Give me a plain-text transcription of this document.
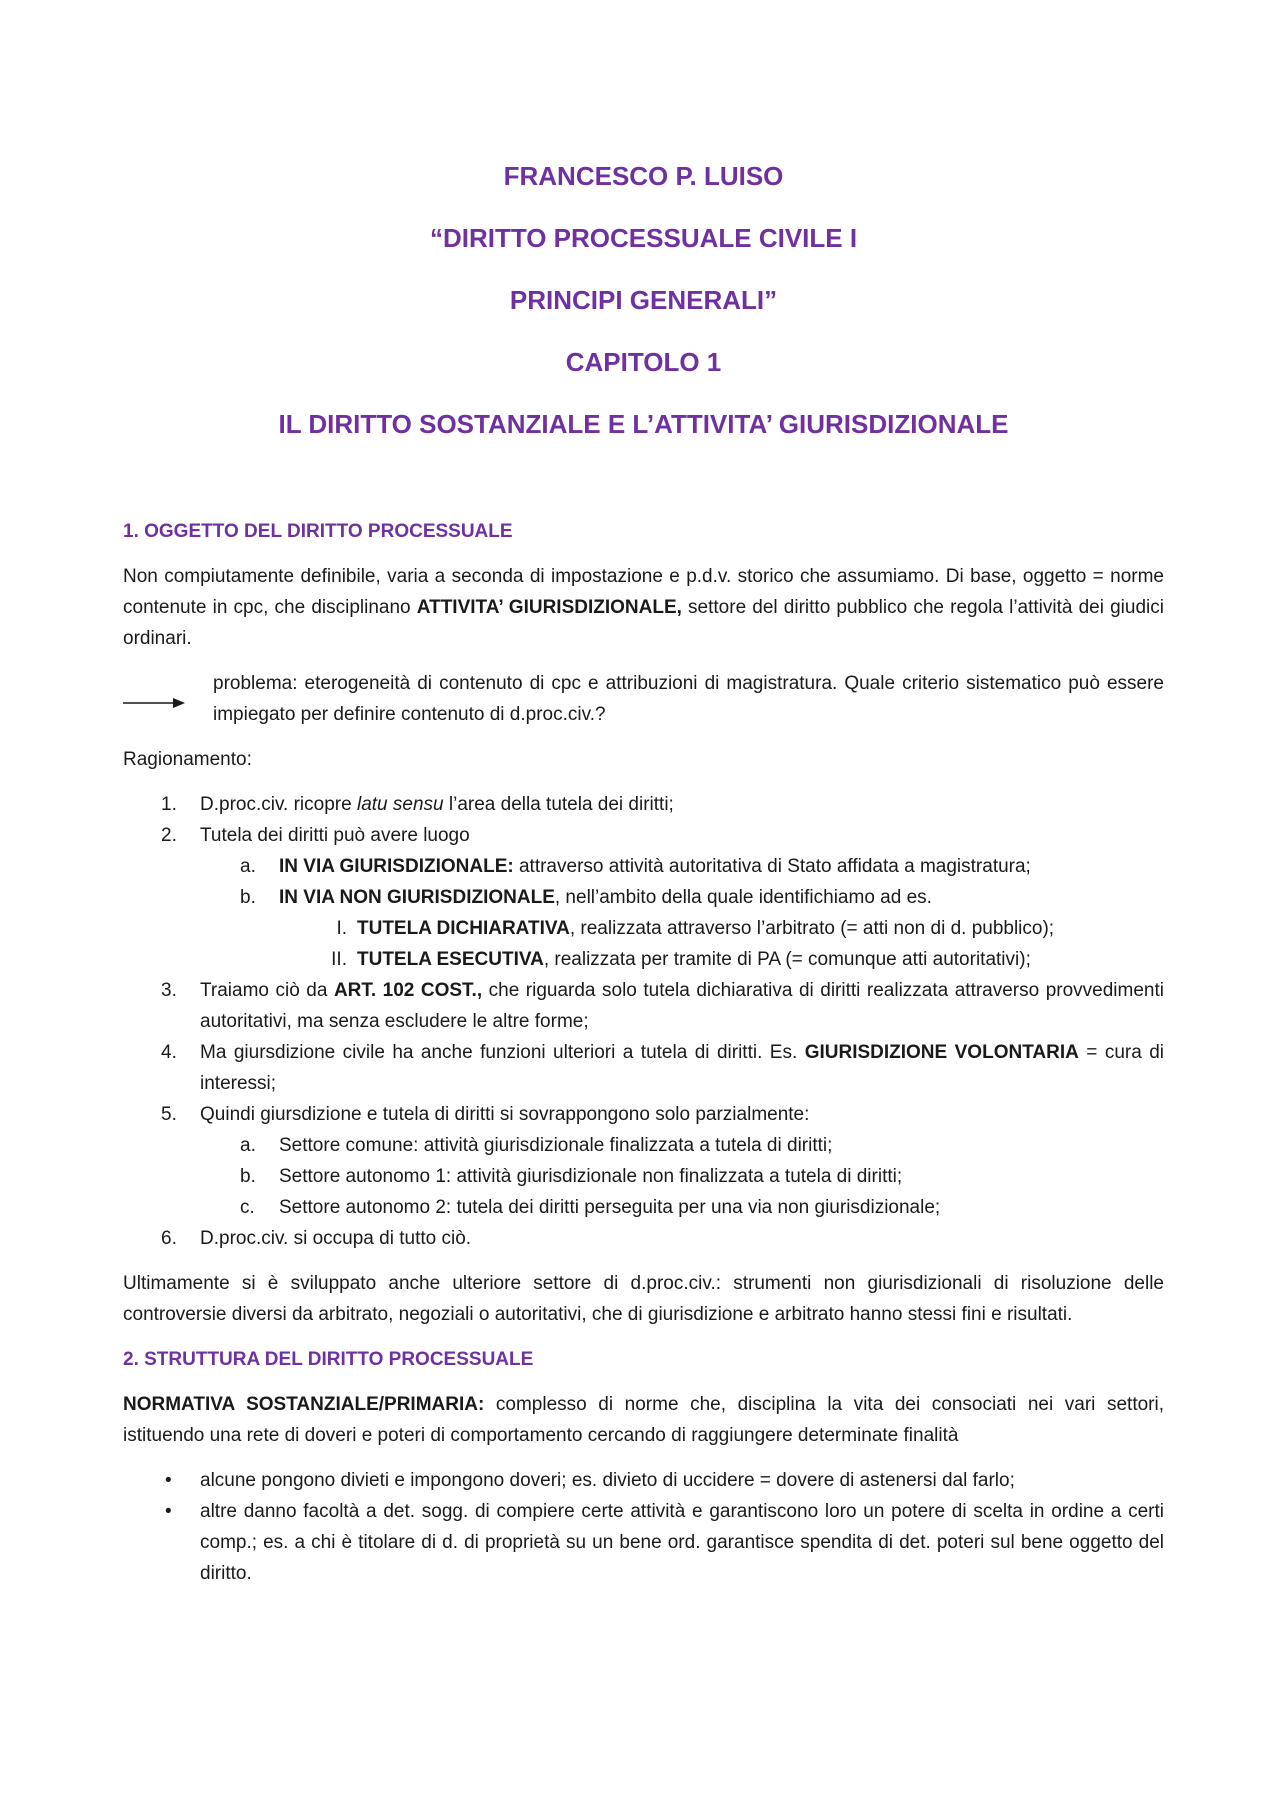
FRANCESCO P. LUISO
“DIRITTO PROCESSUALE CIVILE I
PRINCIPI GENERALI”
CAPITOLO 1
IL DIRITTO SOSTANZIALE E L’ATTIVITA’ GIURISDIZIONALE
1. OGGETTO DEL DIRITTO PROCESSUALE

Non compiutamente definibile, varia a seconda di impostazione e p.d.v. storico che assumiamo. Di base, oggetto = norme contenute in cpc, che disciplinano ATTIVITA’ GIURISDIZIONALE, settore del diritto pubblico che regola l’attività dei giudici ordinari.

problema: eterogeneità di contenuto di cpc e attribuzioni di magistratura. Quale criterio sistematico può essere impiegato per definire contenuto di d.proc.civ.?

Ragionamento:

1.	D.proc.civ. ricopre latu sensu l’area della tutela dei diritti;
2.	Tutela dei diritti può avere luogo
a.	IN VIA GIURISDIZIONALE: attraverso attività autoritativa di Stato affidata a magistratura;
b.	IN VIA NON GIURISDIZIONALE, nell’ambito della quale identifichiamo ad es.
I. TUTELA DICHIARATIVA, realizzata attraverso l’arbitrato (= atti non di d. pubblico);
II. TUTELA ESECUTIVA, realizzata per tramite di PA (= comunque atti autoritativi);
3.	Traiamo ciò da ART. 102 COST., che riguarda solo tutela dichiarativa di diritti realizzata attraverso provvedimenti autoritativi, ma senza escludere le altre forme;
4.	Ma giursdizione civile ha anche funzioni ulteriori a tutela di diritti. Es. GIURISDIZIONE VOLONTARIA = cura di interessi;
5.	Quindi giursdizione e tutela di diritti si sovrappongono solo parzialmente:
a.	Settore comune: attività giurisdizionale finalizzata a tutela di diritti;
b.	Settore autonomo 1: attività giurisdizionale non finalizzata a tutela di diritti;
c.	Settore autonomo 2: tutela dei diritti perseguita per una via non giurisdizionale;
6.	D.proc.civ. si occupa di tutto ciò.

Ultimamente si è sviluppato anche ulteriore settore di d.proc.civ.: strumenti non giurisdizionali di risoluzione delle controversie diversi da arbitrato, negoziali o autoritativi, che di giurisdizione e arbitrato hanno stessi fini e risultati.

2. STRUTTURA DEL DIRITTO PROCESSUALE

NORMATIVA SOSTANZIALE/PRIMARIA: complesso di norme che, disciplina la vita dei consociati nei vari settori, istituendo una rete di doveri e poteri di comportamento cercando di raggiungere determinate finalità

•	alcune pongono divieti e impongono doveri; es. divieto di uccidere = dovere di astenersi dal farlo;
•	altre danno facoltà a det. sogg. di compiere certe attività e garantiscono loro un potere di scelta in ordine a certi comp.; es. a chi è titolare di d. di proprietà su un bene ord. garantisce spendita di det. poteri sul bene oggetto del diritto.
